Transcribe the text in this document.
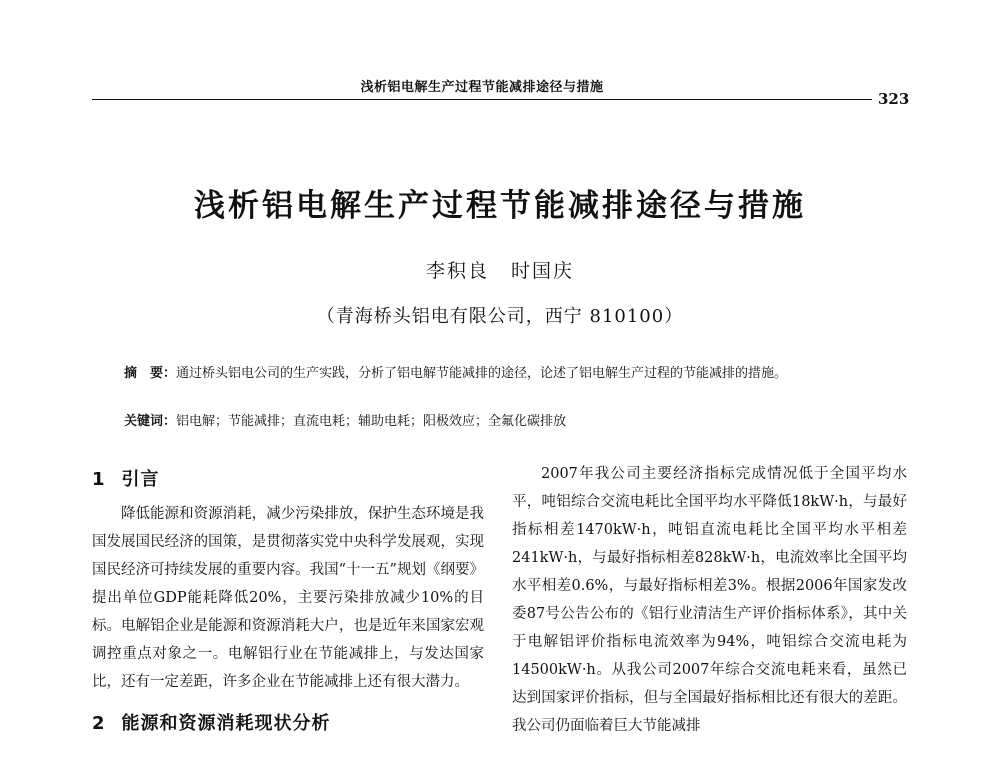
浅析铝电解生产过程节能减排途径与措施
323
浅析铝电解生产过程节能减排途径与措施
李积良 时国庆
（青海桥头铝电有限公司，西宁 810100）
摘　要：通过桥头铝电公司的生产实践，分析了铝电解节能减排的途径，论述了铝电解生产过程的节能减排的措施。
关键词：铝电解；节能减排；直流电耗；辅助电耗；阳极效应；全氟化碳排放
1 引言

降低能源和资源消耗，减少污染排放，保护生态环境是我国发展国民经济的国策，是贯彻落实党中央科学发展观，实现国民经济可持续发展的重要内容。我国“十一五”规划《纲要》提出单位GDP能耗降低20%，主要污染排放减少10%的目标。电解铝企业是能源和资源消耗大户，也是近年来国家宏观调控重点对象之一。电解铝行业在节能减排上，与发达国家比，还有一定差距，许多企业在节能减排上还有很大潜力。

2 能源和资源消耗现状分析

2007年我公司主要经济指标完成情况低于全国平均水平，吨铝综合交流电耗比全国平均水平降低18kW·h，与最好指标相差1470kW·h，吨铝直流电耗比全国平均水平相差241kW·h，与最好指标相差828kW·h，电流效率比全国平均水平相差0.6%，与最好指标相差3%。根据2006年国家发改委87号公告公布的《铝行业清洁生产评价指标体系》，其中关于电解铝评价指标电流效率为94%，吨铝综合交流电耗为14500kW·h。从我公司2007年综合交流电耗来看，虽然已达到国家评价指标，但与全国最好指标相比还有很大的差距。我公司仍面临着巨大节能减排
